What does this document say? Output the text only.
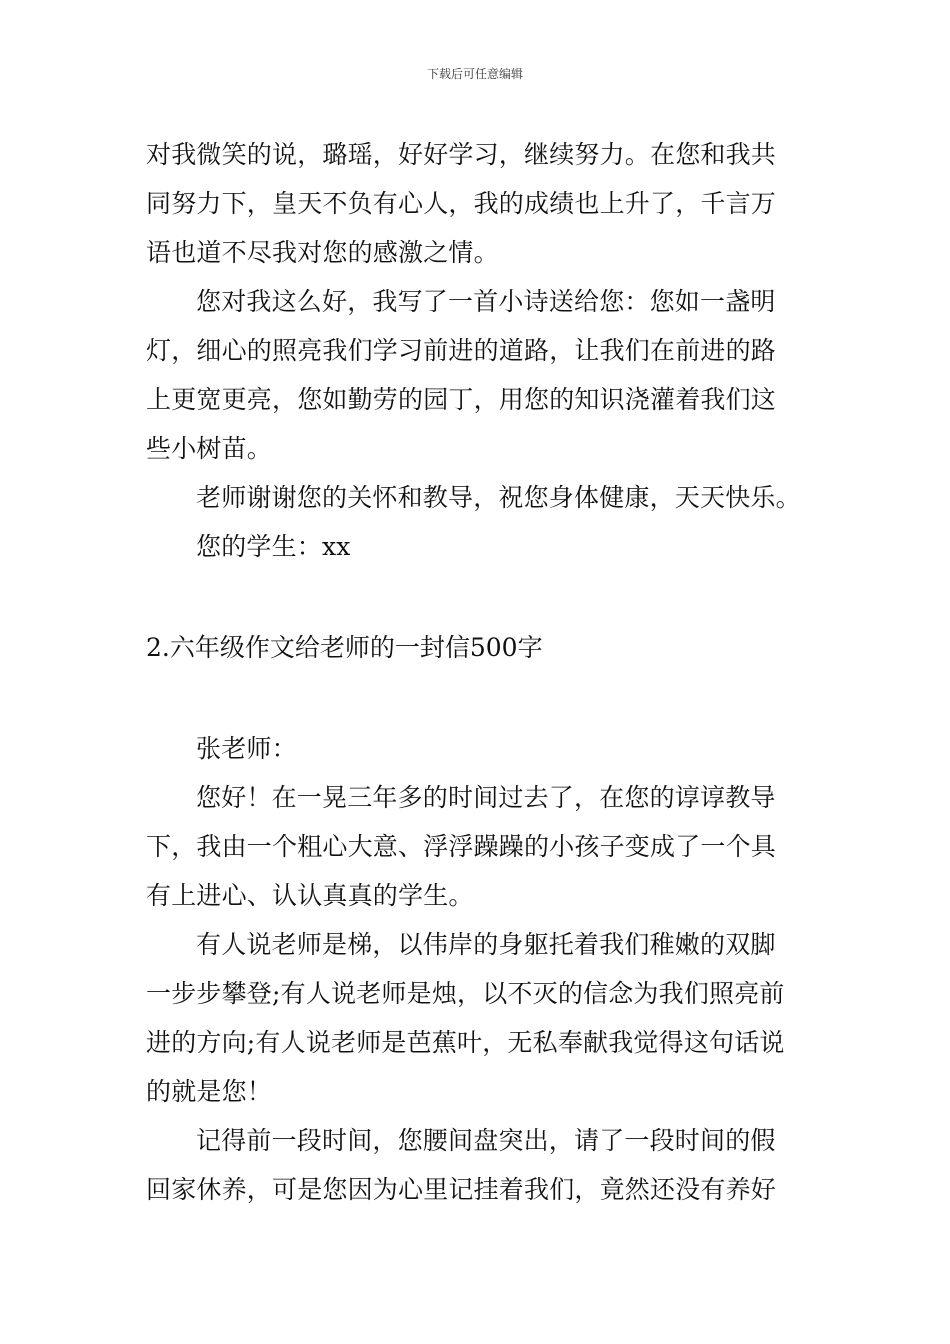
下载后可任意编辑
对我微笑的说，璐瑶，好好学习，继续努力。在您和我共
同努力下，皇天不负有心人，我的成绩也上升了，千言万
语也道不尽我对您的感激之情。
您对我这么好，我写了一首小诗送给您：您如一盏明
灯，细心的照亮我们学习前进的道路，让我们在前进的路
上更宽更亮，您如勤劳的园丁，用您的知识浇灌着我们这
些小树苗。
老师谢谢您的关怀和教导，祝您身体健康，天天快乐。
您的学生：xx
2.六年级作文给老师的一封信500字
张老师：
您好！在一晃三年多的时间过去了，在您的谆谆教导
下，我由一个粗心大意、浮浮躁躁的小孩子变成了一个具
有上进心、认认真真的学生。
有人说老师是梯，以伟岸的身躯托着我们稚嫩的双脚
一步步攀登;有人说老师是烛，以不灭的信念为我们照亮前
进的方向;有人说老师是芭蕉叶，无私奉献我觉得这句话说
的就是您！
记得前一段时间，您腰间盘突出，请了一段时间的假
回家休养，可是您因为心里记挂着我们，竟然还没有养好
